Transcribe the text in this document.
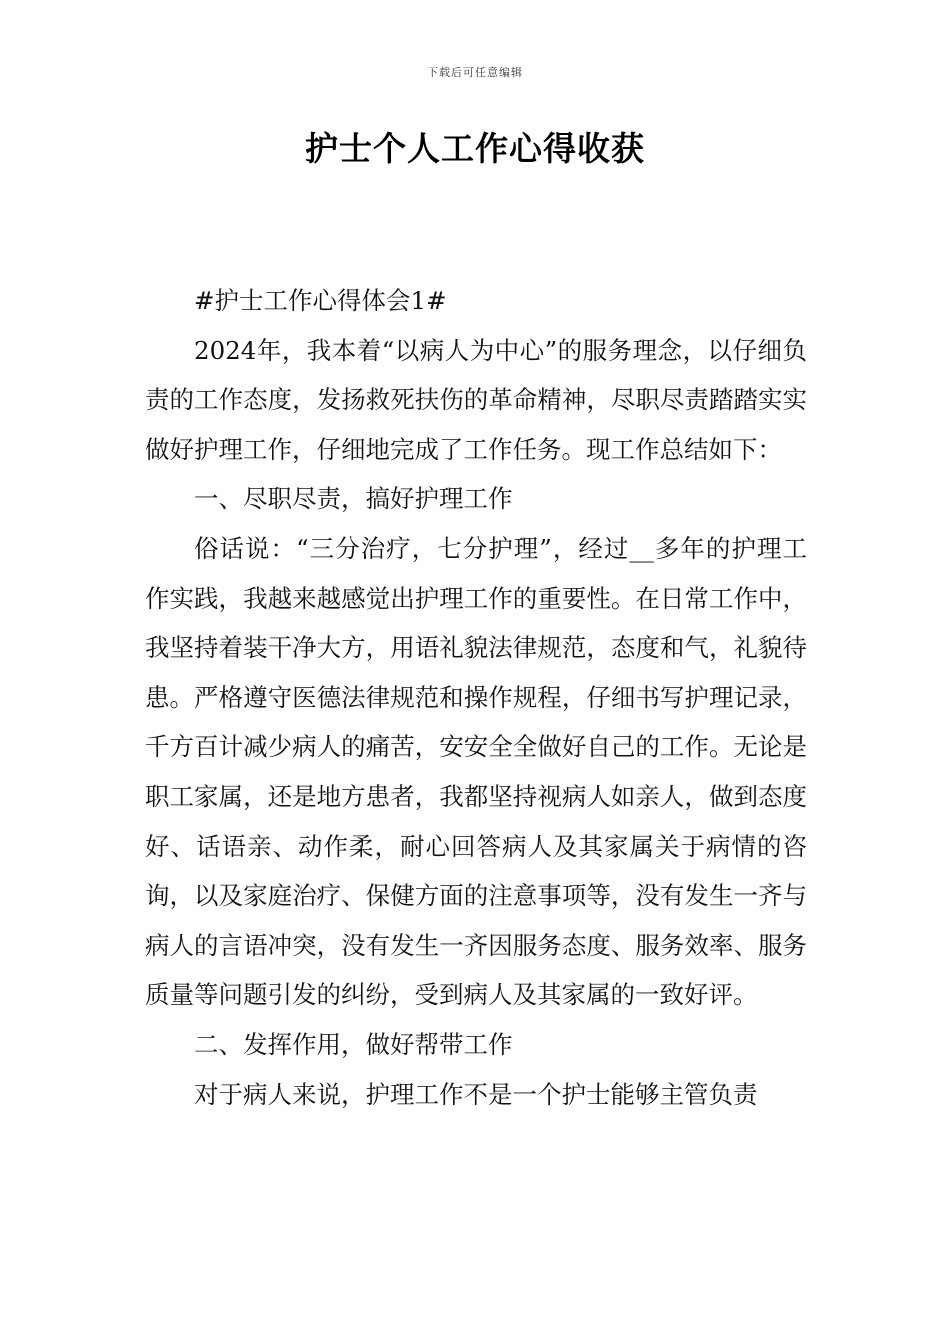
下载后可任意编辑
护士个人工作心得收获

#护士工作心得体会1#

2024年，我本着“以病人为中心”的服务理念，以仔细负责的工作态度，发扬救死扶伤的革命精神，尽职尽责踏踏实实做好护理工作，仔细地完成了工作任务。现工作总结如下：

一、尽职尽责，搞好护理工作

俗话说：“三分治疗，七分护理”，经过__多年的护理工作实践，我越来越感觉出护理工作的重要性。在日常工作中，我坚持着装干净大方，用语礼貌法律规范，态度和气，礼貌待患。严格遵守医德法律规范和操作规程，仔细书写护理记录，千方百计减少病人的痛苦，安安全全做好自己的工作。无论是职工家属，还是地方患者，我都坚持视病人如亲人，做到态度好、话语亲、动作柔，耐心回答病人及其家属关于病情的咨询，以及家庭治疗、保健方面的注意事项等，没有发生一齐与病人的言语冲突，没有发生一齐因服务态度、服务效率、服务质量等问题引发的纠纷，受到病人及其家属的一致好评。

二、发挥作用，做好帮带工作

对于病人来说，护理工作不是一个护士能够主管负责
